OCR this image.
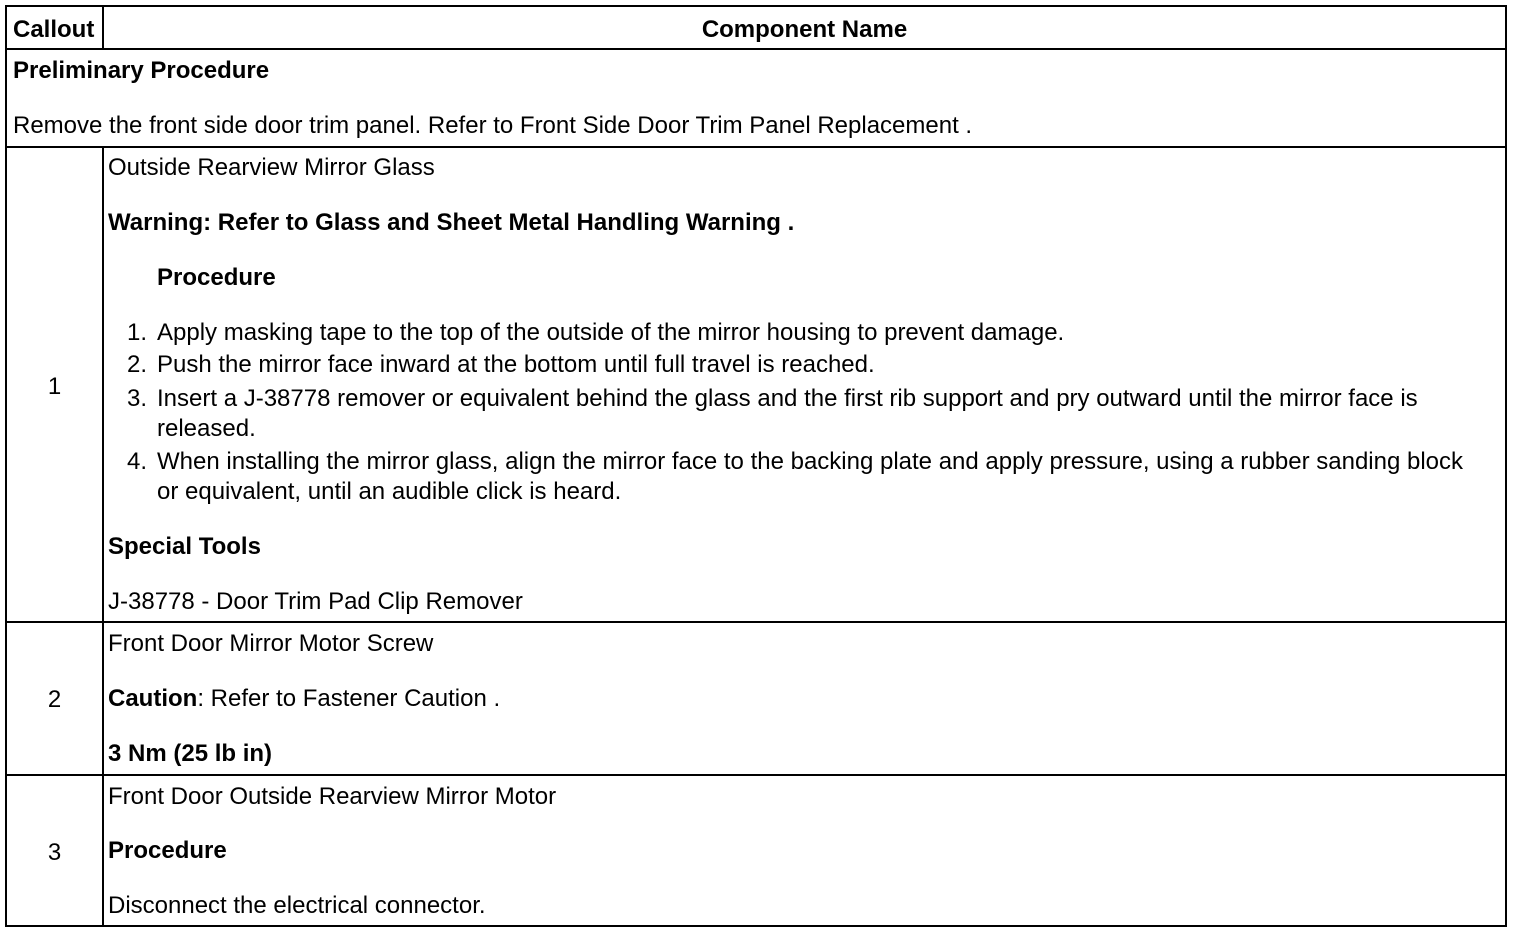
Callout	Component Name
Preliminary Procedure
Remove the front side door trim panel. Refer to Front Side Door Trim Panel Replacement .
1
Outside Rearview Mirror Glass
Warning: Refer to Glass and Sheet Metal Handling Warning .
Procedure
1. Apply masking tape to the top of the outside of the mirror housing to prevent damage.
2. Push the mirror face inward at the bottom until full travel is reached.
3. Insert a J-38778 remover or equivalent behind the glass and the first rib support and pry outward until the mirror face is released.
4. When installing the mirror glass, align the mirror face to the backing plate and apply pressure, using a rubber sanding block or equivalent, until an audible click is heard.
Special Tools
J-38778 - Door Trim Pad Clip Remover
2
Front Door Mirror Motor Screw
Caution: Refer to Fastener Caution .
3 Nm (25 lb in)
3
Front Door Outside Rearview Mirror Motor
Procedure
Disconnect the electrical connector.
